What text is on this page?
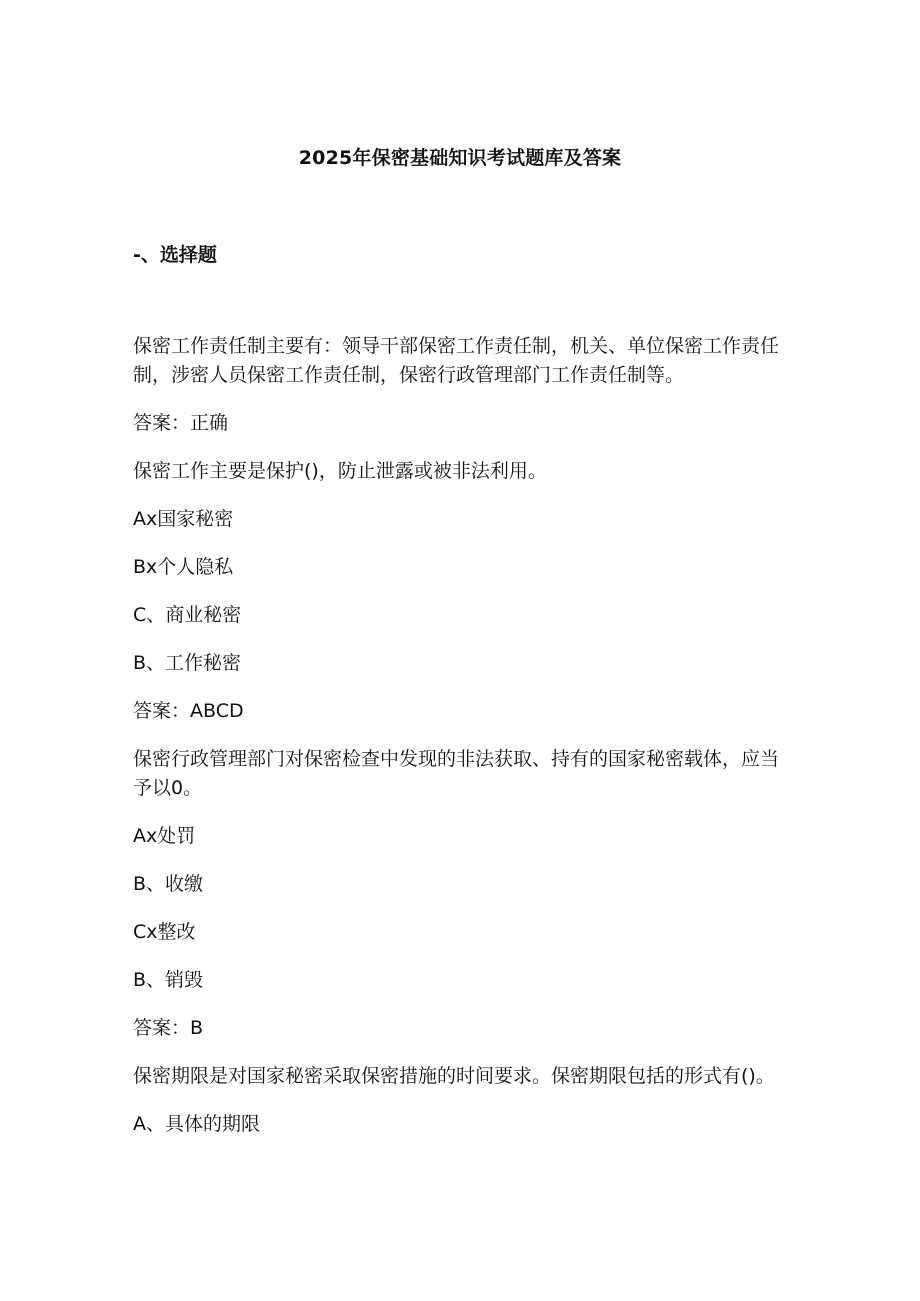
2025年保密基础知识考试题库及答案
-、选择题

保密工作责任制主要有：领导干部保密工作责任制，机关、单位保密工作责任制，涉密人员保密工作责任制，保密行政管理部门工作责任制等。

答案：正确

保密工作主要是保护()，防止泄露或被非法利用。

Ax国家秘密

Bx个人隐私

C、商业秘密

B、工作秘密

答案：ABCD

保密行政管理部门对保密检查中发现的非法获取、持有的国家秘密载体，应当予以0。

Ax处罚

B、收缴

Cx整改

B、销毁

答案：B

保密期限是对国家秘密采取保密措施的时间要求。保密期限包括的形式有()。

A、具体的期限
